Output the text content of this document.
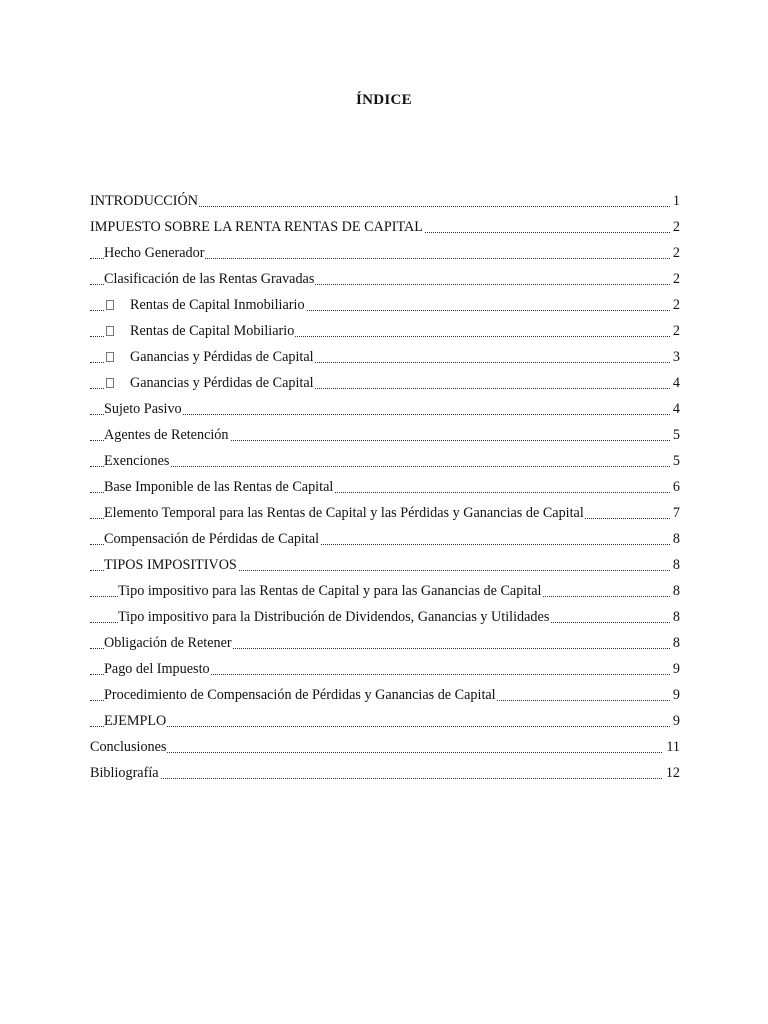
ÍNDICE
INTRODUCCIÓN	1
IMPUESTO SOBRE LA RENTA RENTAS DE CAPITAL	2
Hecho Generador	2
Clasificación de las Rentas Gravadas	2
Rentas de Capital Inmobiliario	2
Rentas de Capital Mobiliario	2
Ganancias y Pérdidas de Capital	3
Ganancias y Pérdidas de Capital	4
Sujeto Pasivo	4
Agentes de Retención	5
Exenciones	5
Base Imponible de las Rentas de Capital	6
Elemento Temporal para las Rentas de Capital y las Pérdidas y Ganancias de Capital	7
Compensación de Pérdidas de Capital	8
TIPOS IMPOSITIVOS	8
Tipo impositivo para las Rentas de Capital y para las Ganancias de Capital	8
Tipo impositivo para la Distribución de Dividendos, Ganancias y Utilidades	8
Obligación de Retener	8
Pago del Impuesto	9
Procedimiento de Compensación de Pérdidas y Ganancias de Capital	9
EJEMPLO	9
Conclusiones	11
Bibliografía	12
